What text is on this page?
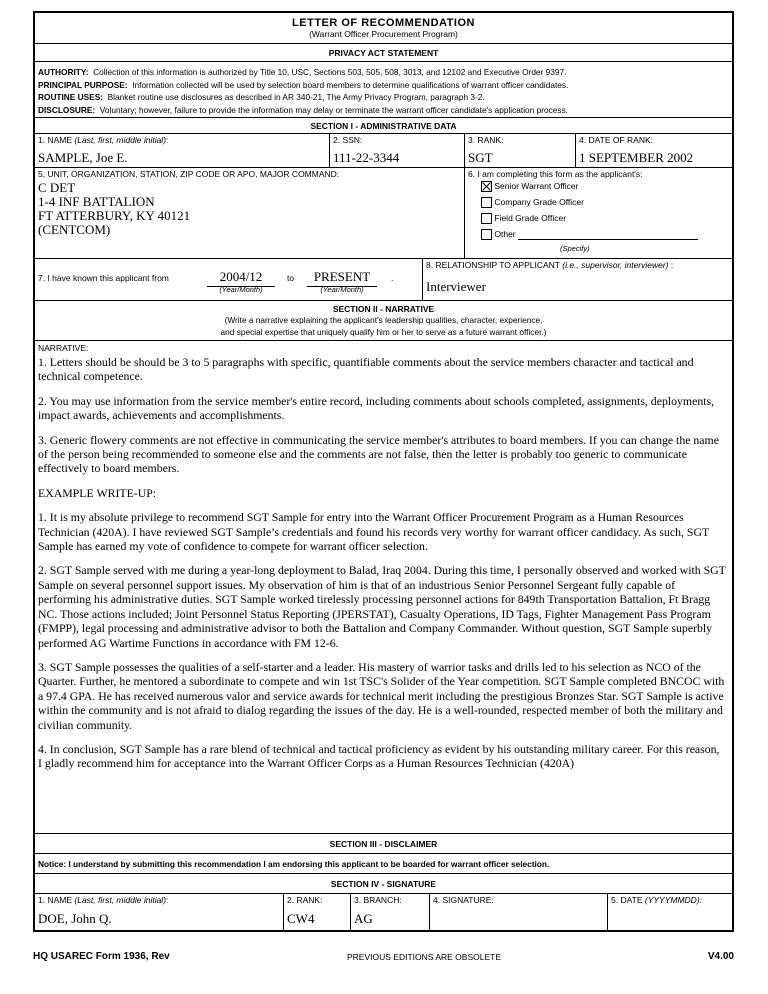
LETTER OF RECOMMENDATION
(Warrant Officer Procurement Program)
PRIVACY ACT STATEMENT
AUTHORITY: Collection of this information is authorized by Title 10, USC, Sections 503, 505, 508, 3013, and 12102 and Executive Order 9397.
PRINCIPAL PURPOSE: Information collected will be used by selection board members to determine qualifications of warrant officer candidates.
ROUTINE USES: Blanket routine use disclosures as described in AR 340-21, The Army Privacy Program, paragraph 3-2.
DISCLOSURE: Voluntary; however, failure to provide the information may delay or terminate the warrant officer candidate's application process.
SECTION I - ADMINISTRATIVE DATA
1. NAME (Last, first, middle initial):
SAMPLE, Joe E.
2. SSN:
111-22-3344
3. RANK:
SGT
4. DATE OF RANK:
1 SEPTEMBER 2002
5. UNIT, ORGANIZATION, STATION, ZIP CODE OR APO, MAJOR COMMAND:
C DET
1-4 INF BATTALION
FT ATTERBURY, KY 40121
(CENTCOM)
6. I am completing this form as the applicant's:
Senior Warrant Officer
Company Grade Officer
Field Grade Officer
Other
(Specify)
7. I have known this applicant from	2004/12
(Year/Month)
to	PRESENT
(Year/Month)
.
8. RELATIONSHIP TO APPLICANT (i.e., supervisor, interviewer) :
Interviewer
SECTION II - NARRATIVE
(Write a narrative explaining the applicant's leadership qualities, character, experience,
and special expertise that uniquely qualify him or her to serve as a future warrant officer.)
NARRATIVE:

1. Letters should be should be 3 to 5 paragraphs with specific, quantifiable comments about the service members character and tactical and technical competence.

2. You may use information from the service member's entire record, including comments about schools completed, assignments, deployments, impact awards, achievements and accomplishments.

3. Generic flowery comments are not effective in communicating the service member's attributes to board members. If you can change the name of the person being recommended to someone else and the comments are not false, then the letter is probably too generic to communicate effectively to board members.

EXAMPLE WRITE-UP:

1. It is my absolute privilege to recommend SGT Sample for entry into the Warrant Officer Procurement Program as a Human Resources Technician (420A). I have reviewed SGT Sample’s credentials and found his records very worthy for warrant officer candidacy. As such, SGT Sample has earned my vote of confidence to compete for warrant officer selection.

2. SGT Sample served with me during a year-long deployment to Balad, Iraq 2004. During this time, I personally observed and worked with SGT Sample on several personnel support issues. My observation of him is that of an industrious Senior Personnel Sergeant fully capable of performing his administrative duties. SGT Sample worked tirelessly processing personnel actions for 849th Transportation Battalion, Ft Bragg NC. Those actions included; Joint Personnel Status Reporting (JPERSTAT), Casualty Operations, ID Tags, Fighter Management Pass Program (FMPP), legal processing and administrative advisor to both the Battalion and Company Commander. Without question, SGT Sample superbly performed AG Wartime Functions in accordance with FM 12-6.

3. SGT Sample possesses the qualities of a self-starter and a leader. His mastery of warrior tasks and drills led to his selection as NCO of the Quarter. Further, he mentored a subordinate to compete and win 1st TSC's Solider of the Year competition. SGT Sample completed BNCOC with a 97.4 GPA. He has received numerous valor and service awards for technical merit including the prestigious Bronzes Star. SGT Sample is active within the community and is not afraid to dialog regarding the issues of the day. He is a well-rounded, respected member of both the military and civilian community.

4. In conclusion, SGT Sample has a rare blend of technical and tactical proficiency as evident by his outstanding military career. For this reason, I gladly recommend him for acceptance into the Warrant Officer Corps as a Human Resources Technician (420A)

SECTION III - DISCLAIMER
Notice: I understand by submitting this recommendation I am endorsing this applicant to be boarded for warrant officer selection.
SECTION IV - SIGNATURE
1. NAME (Last, first, middle initial):
DOE, John Q.
2. RANK:
CW4
3. BRANCH:
AG
4. SIGNATURE:	5. DATE (YYYYMMDD):
HQ USAREC Form 1936, Rev	PREVIOUS EDITIONS ARE OBSOLETE	V4.00
